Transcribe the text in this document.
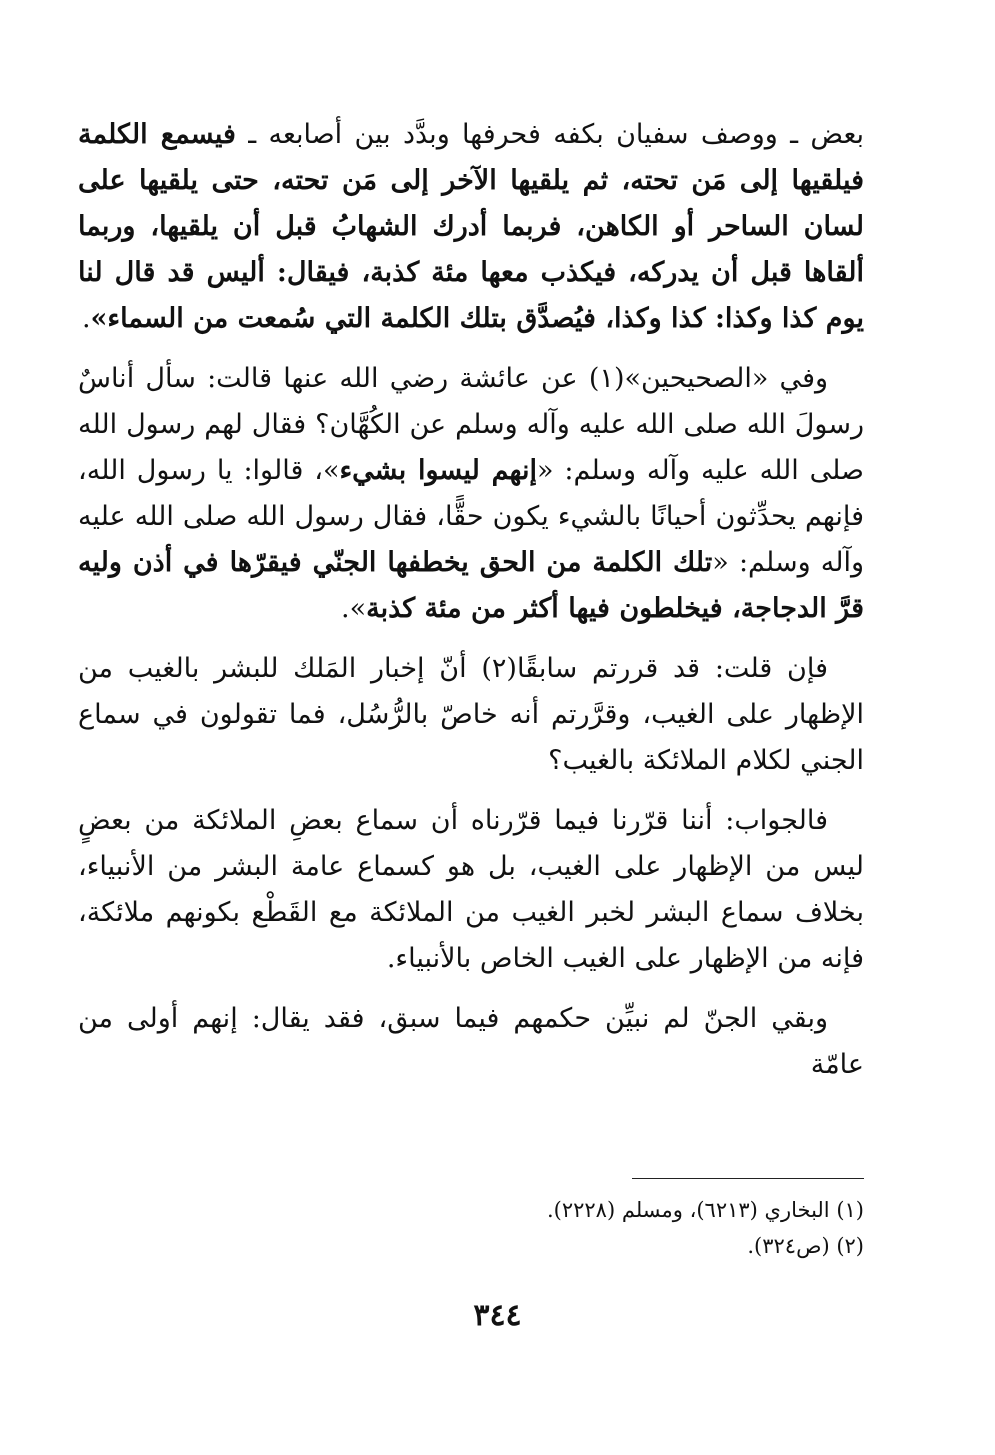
بعض ـ ووصف سفيان بكفه فحرفها وبدَّد بين أصابعه ـ فيسمع الكلمة فيلقيها إلى مَن تحته، ثم يلقيها الآخر إلى مَن تحته، حتى يلقيها على لسان الساحر أو الكاهن، فربما أدرك الشهابُ قبل أن يلقيها، وربما ألقاها قبل أن يدركه، فيكذب معها مئة كذبة، فيقال: أليس قد قال لنا يوم كذا وكذا: كذا وكذا، فيُصدَّق بتلك الكلمة التي سُمعت من السماء».

وفي «الصحيحين»(١) عن عائشة رضي الله عنها قالت: سأل أناسٌ رسولَ الله صلى الله عليه وآله وسلم عن الكُهَّان؟ فقال لهم رسول الله صلى الله عليه وآله وسلم: «إنهم ليسوا بشيء»، قالوا: يا رسول الله، فإنهم يحدِّثون أحيانًا بالشيء يكون حقًّا، فقال رسول الله صلى الله عليه وآله وسلم: «تلك الكلمة من الحق يخطفها الجنّي فيقرّها في أذن وليه قرَّ الدجاجة، فيخلطون فيها أكثر من مئة كذبة».

فإن قلت: قد قررتم سابقًا(٢) أنّ إخبار المَلك للبشر بالغيب من الإظهار على الغيب، وقرَّرتم أنه خاصّ بالرُّسُل، فما تقولون في سماع الجني لكلام الملائكة بالغيب؟

فالجواب: أننا قرّرنا فيما قرّرناه أن سماع بعضِ الملائكة من بعضٍ ليس من الإظهار على الغيب، بل هو كسماع عامة البشر من الأنبياء، بخلاف سماع البشر لخبر الغيب من الملائكة مع القَطْع بكونهم ملائكة، فإنه من الإظهار على الغيب الخاص بالأنبياء.

وبقي الجنّ لم نبيِّن حكمهم فيما سبق، فقد يقال: إنهم أولى من عامّة

(١) البخاري (٦٢١٣)، ومسلم (٢٢٢٨).

(٢) (ص٣٢٤).

٣٤٤
